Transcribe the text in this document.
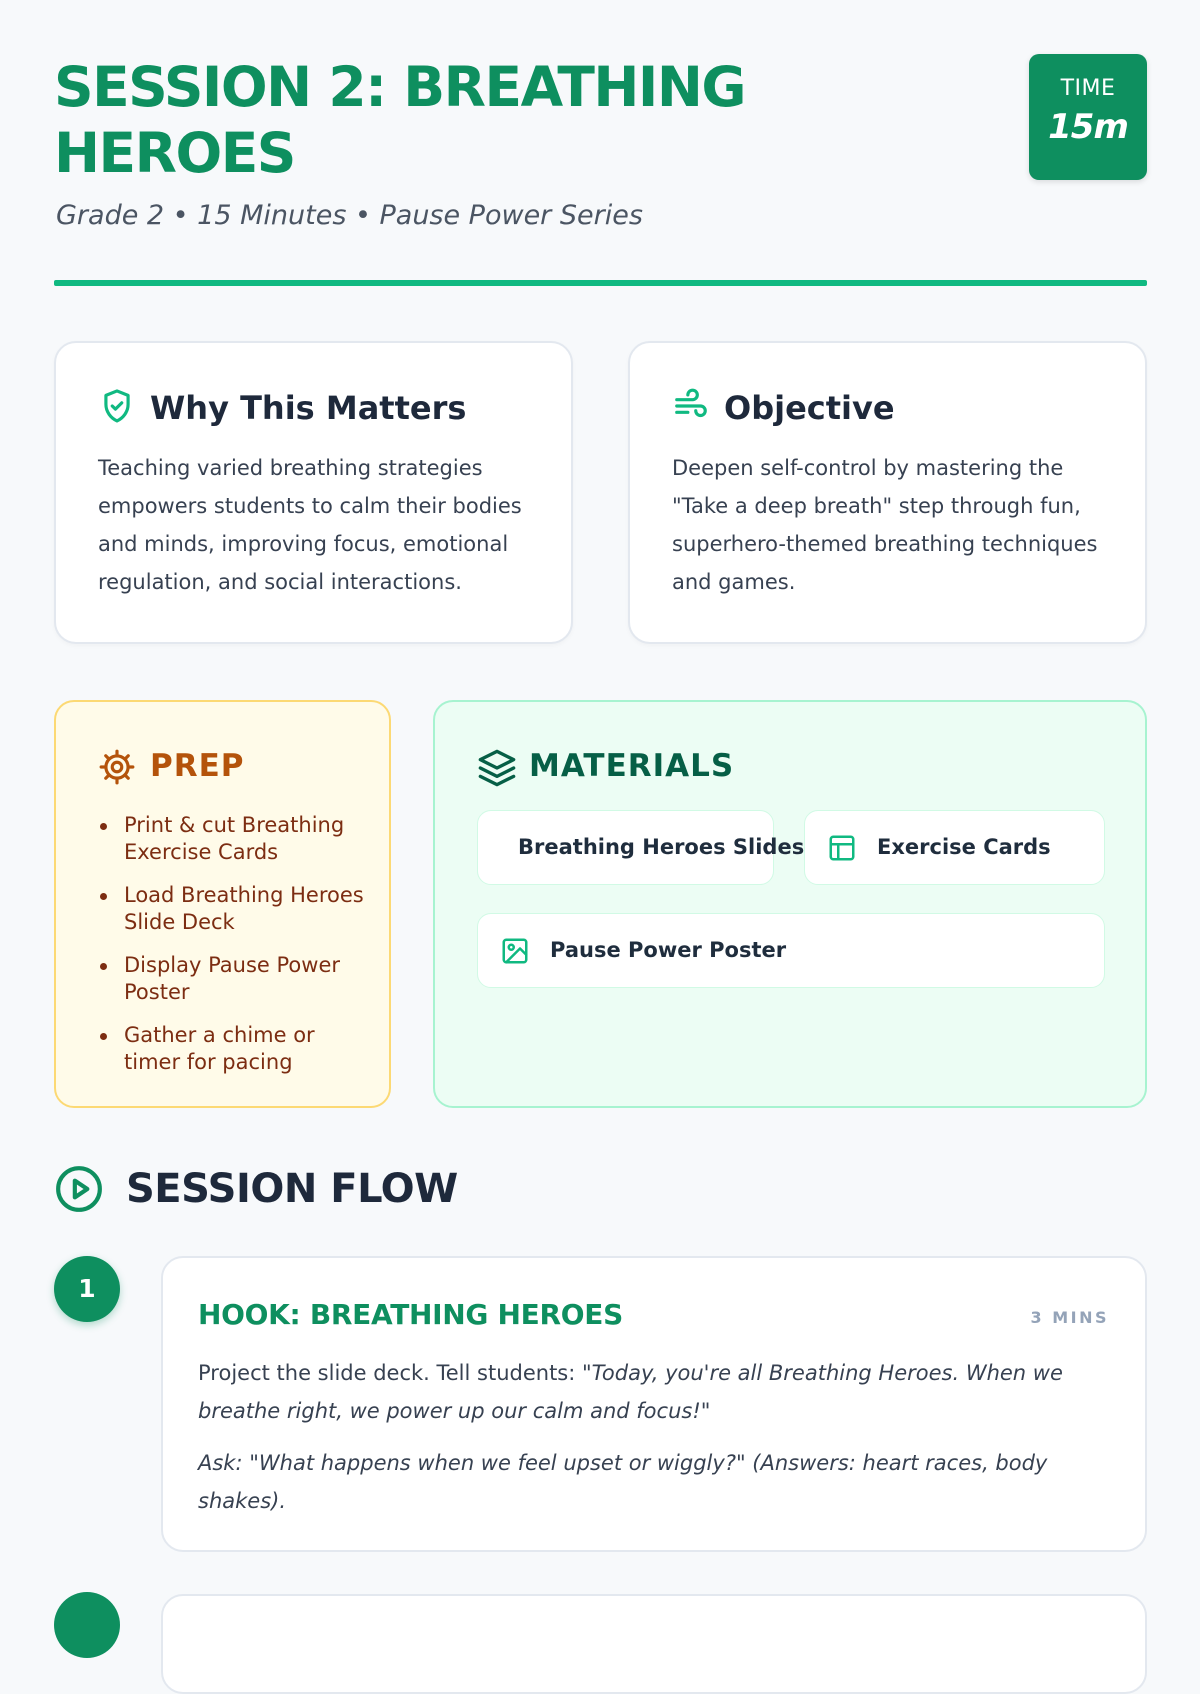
SESSION 2: BREATHING HEROES
Grade 2 • 15 Minutes • Pause Power Series
TIME
15m
Why This Matters

Teaching varied breathing strategies empowers students to calm their bodies and minds, improving focus, emotional regulation, and social interactions.

Objective

Deepen self-control by mastering the "Take a deep breath" step through fun, superhero-themed breathing techniques and games.

PREP
Print & cut Breathing Exercise Cards
Load Breathing Heroes Slide Deck
Display Pause Power Poster
Gather a chime or timer for pacing
MATERIALS
Breathing Heroes Slides	Exercise Cards
Pause Power Poster
SESSION FLOW
1
HOOK: BREATHING HEROES	3 MINS

Project the slide deck. Tell students: "Today, you're all Breathing Heroes. When we breathe right, we power up our calm and focus!"

Ask: "What happens when we feel upset or wiggly?" (Answers: heart races, body shakes).
